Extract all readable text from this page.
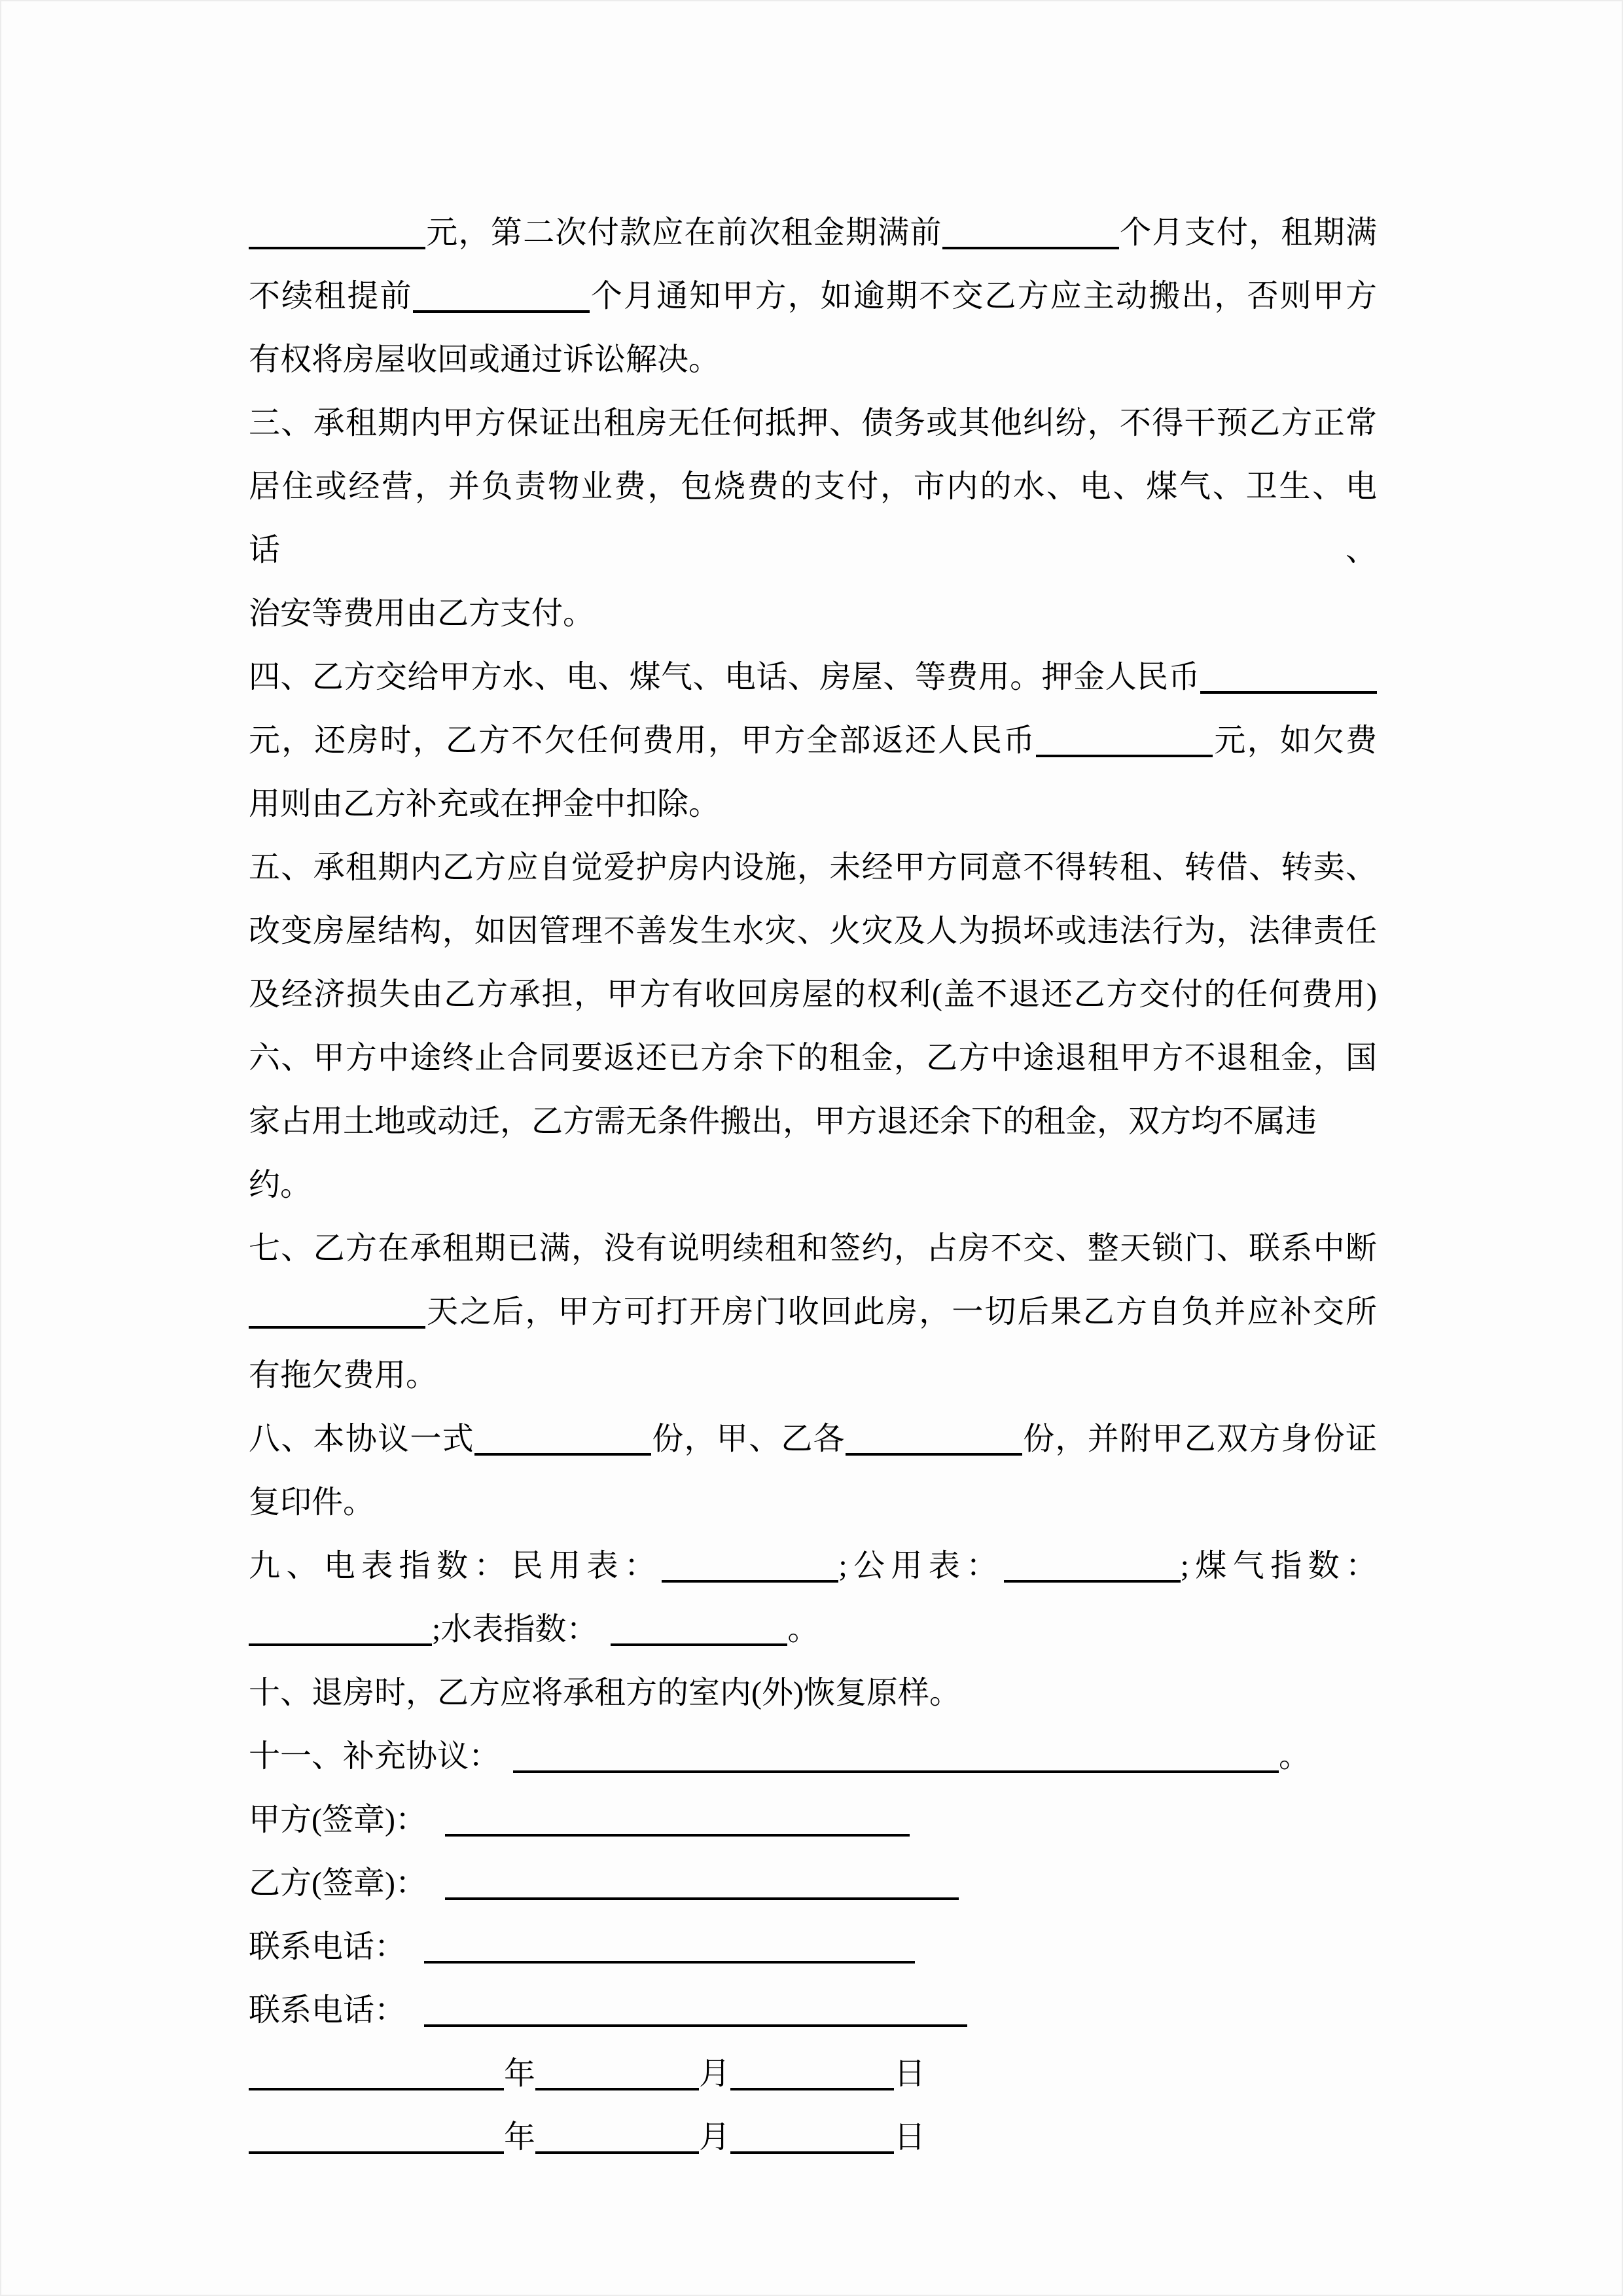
元，第二次付款应在前次租金期满前	个月支付，租期满
不续租提前	个月通知甲方，如逾期不交乙方应主动搬出，否则甲方
有权将房屋收回或通过诉讼解决。
三、承租期内甲方保证出租房无任何抵押、债务或其他纠纷，不得干预乙方正常
居住或经营，并负责物业费，包烧费的支付，市内的水、电、煤气、卫生、电话、
治安等费用由乙方支付。
四、乙方交给甲方水、电、煤气、电话、房屋、等费用。押金人民币
元，还房时，乙方不欠任何费用，甲方全部返还人民币	元，如欠费
用则由乙方补充或在押金中扣除。
五、承租期内乙方应自觉爱护房内设施，未经甲方同意不得转租、转借、转卖、
改变房屋结构，如因管理不善发生水灾、火灾及人为损坏或违法行为，法律责任
及经济损失由乙方承担，甲方有收回房屋的权利(盖不退还乙方交付的任何费用)
六、甲方中途终止合同要返还已方余下的租金，乙方中途退租甲方不退租金，国
家占用土地或动迁，乙方需无条件搬出，甲方退还余下的租金，双方均不属违约。
七、乙方在承租期已满，没有说明续租和签约，占房不交、整天锁门、联系中断
天之后，甲方可打开房门收回此房，一切后果乙方自负并应补交所
有拖欠费用。
八、本协议一式	份，甲、乙各	份，并附甲乙双方身份证
复印件。
九、电表指数：民用表：	;公用表：	;煤气指数：
;水表指数：	。
十、退房时，乙方应将承租方的室内(外)恢复原样。
十一、补充协议：	。
甲方(签章)：
乙方(签章)：
联系电话：
联系电话：
年	月	日
年	月	日
